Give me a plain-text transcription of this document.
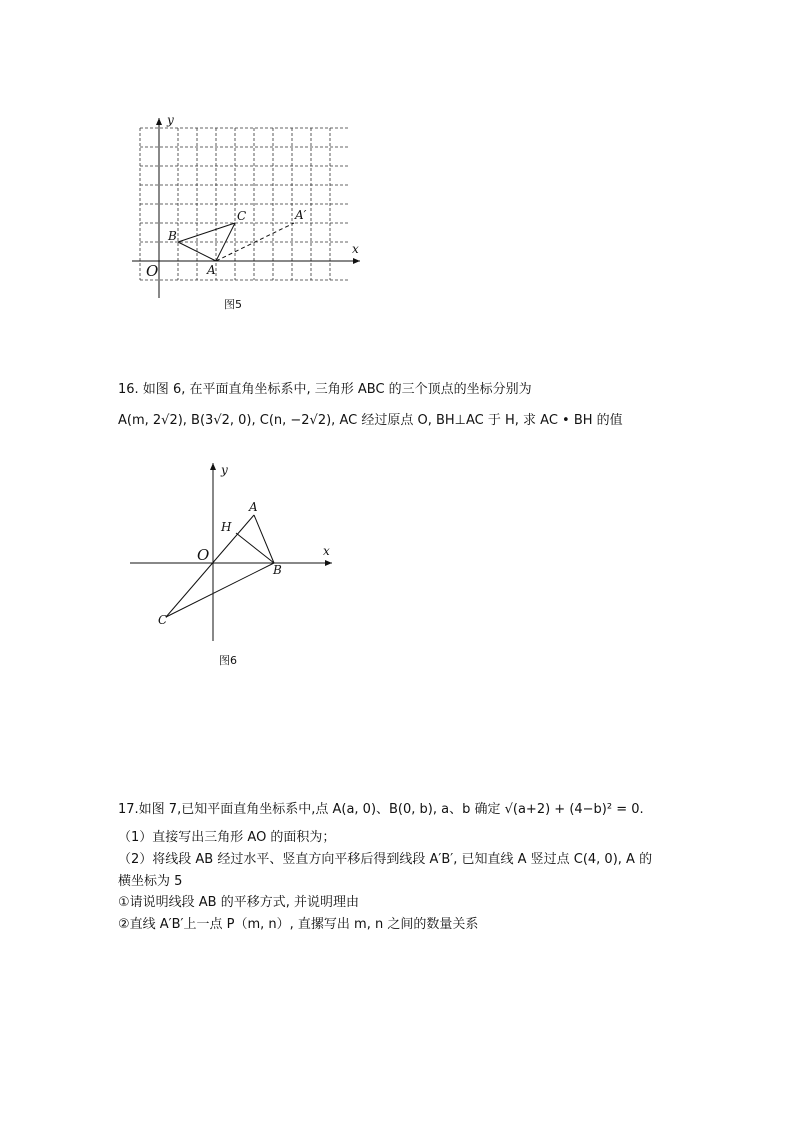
x
y
O
B
C
A
A′
图5
16. 如图 6, 在平面直角坐标系中, 三角形 ABC 的三个顶点的坐标分别为
A(m, 2√2), B(3√2, 0), C(n, −2√2), AC 经过原点 O, BH⊥AC 于 H, 求 AC • BH 的值
x
y
O
A
H
B
C
图6
17.如图 7,已知平面直角坐标系中,点 A(a, 0)、B(0, b), a、b 确定 √(a+2) + (4−b)² = 0.
（1）直接写出三角形 AO 的面积为；
（2）将线段 AB 经过水平、竖直方向平移后得到线段 A′B′, 已知直线 A 竖过点 C(4, 0), A 的
横坐标为 5
①请说明线段 AB 的平移方式, 并说明理由
②直线 A′B′上一点 P（m, n）, 直摞写出 m, n 之间的数量关系
